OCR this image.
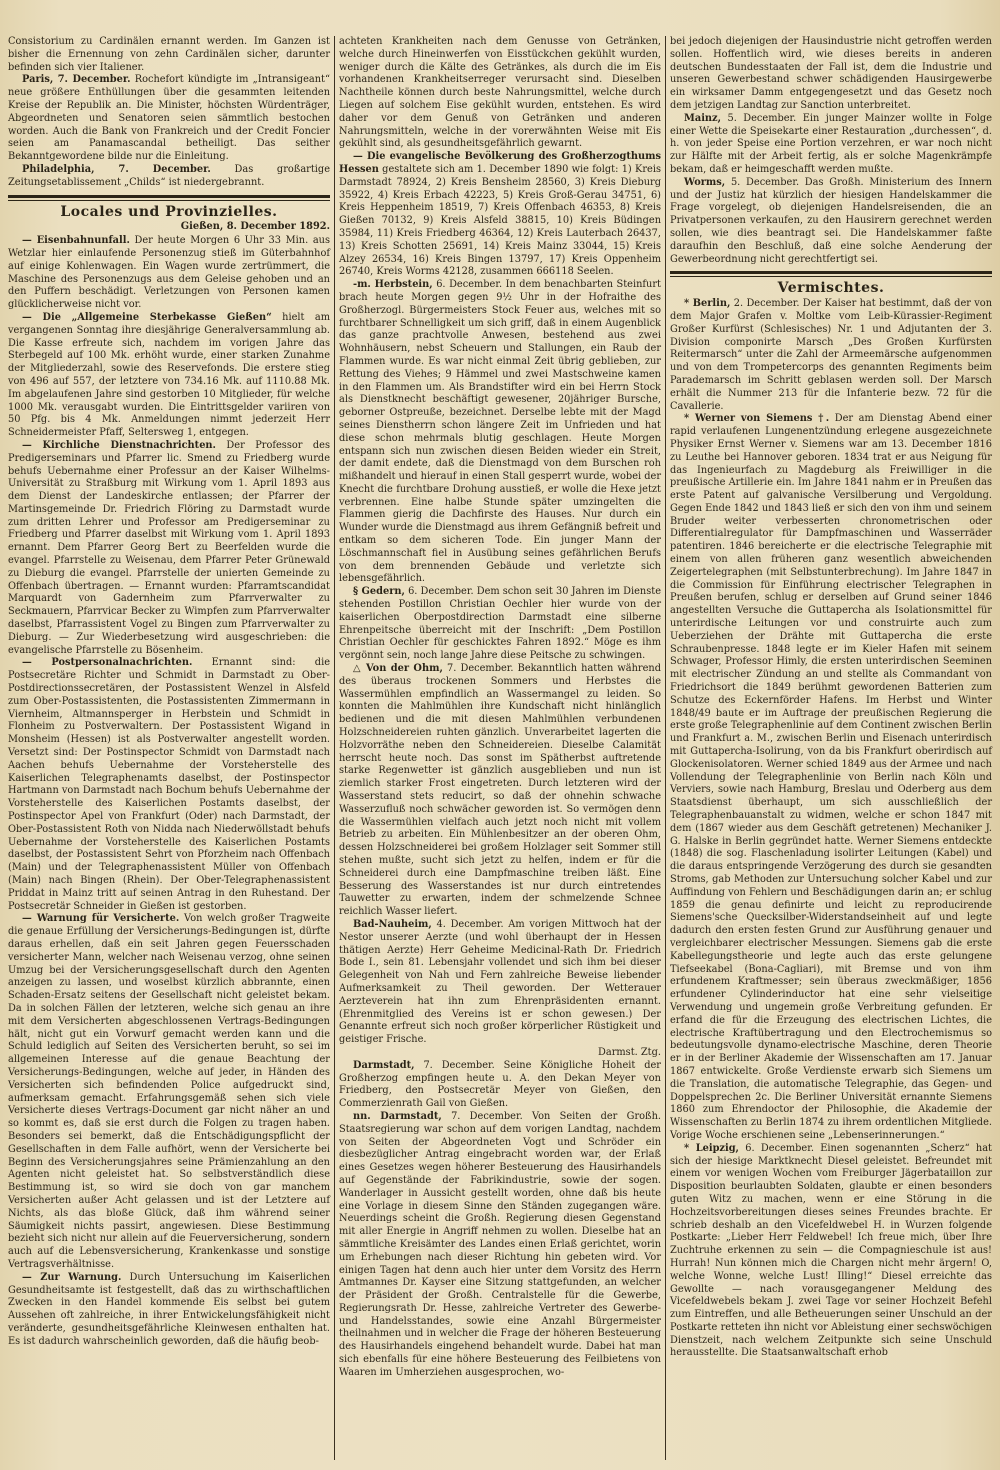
Consistorium zu Cardinälen ernannt werden. Im Ganzen ist bisher die Ernennung von zehn Cardinälen sicher, darunter befinden sich vier Italiener.

Paris, 7. December. Rochefort kündigte im „Intransigeant“ neue größere Enthüllungen über die gesammten leitenden Kreise der Republik an. Die Minister, höchsten Würdenträger, Abgeordneten und Senatoren seien sämmtlich bestochen worden. Auch die Bank von Frankreich und der Credit Foncier seien am Panamascandal betheiligt. Das seither Bekanntgewordene bilde nur die Einleitung.

Philadelphia, 7. December. Das großartige Zeitungsetablissement „Childs“ ist niedergebrannt.

Locales und Provinzielles.
Gießen, 8. December 1892.

— Eisenbahnunfall. Der heute Morgen 6 Uhr 33 Min. aus Wetzlar hier einlaufende Personenzug stieß im Güterbahnhof auf einige Kohlenwagen. Ein Wagen wurde zertrümmert, die Maschine des Personenzugs aus dem Geleise gehoben und an den Puffern beschädigt. Verletzungen von Personen kamen glücklicherweise nicht vor.

— Die „Allgemeine Sterbekasse Gießen“ hielt am vergangenen Sonntag ihre diesjährige Generalversammlung ab. Die Kasse erfreute sich, nachdem im vorigen Jahre das Sterbegeld auf 100 Mk. erhöht wurde, einer starken Zunahme der Mitgliederzahl, sowie des Reservefonds. Die erstere stieg von 496 auf 557, der letztere von 734.16 Mk. auf 1110.88 Mk. Im abgelaufenen Jahre sind gestorben 10 Mitglieder, für welche 1000 Mk. verausgabt wurden. Die Eintrittsgelder variiren von 50 Pfg. bis 4 Mk. Anmeldungen nimmt jederzeit Herr Schneidermeister Pfaff, Seltersweg 1, entgegen.

— Kirchliche Dienstnachrichten. Der Professor des Predigerseminars und Pfarrer lic. Smend zu Friedberg wurde behufs Uebernahme einer Professur an der Kaiser Wilhelms-Universität zu Straßburg mit Wirkung vom 1. April 1893 aus dem Dienst der Landeskirche entlassen; der Pfarrer der Martinsgemeinde Dr. Friedrich Flöring zu Darmstadt wurde zum dritten Lehrer und Professor am Predigerseminar zu Friedberg und Pfarrer daselbst mit Wirkung vom 1. April 1893 ernannt. Dem Pfarrer Georg Bert zu Beerfelden wurde die evangel. Pfarrstelle zu Weisenau, dem Pfarrer Peter Grünewald zu Dieburg die evangel. Pfarrstelle der unierten Gemeinde zu Offenbach übertragen. — Ernannt wurden: Pfarramtscandidat Marquardt von Gadernheim zum Pfarrverwalter zu Seckmauern, Pfarrvicar Becker zu Wimpfen zum Pfarrverwalter daselbst, Pfarrassistent Vogel zu Bingen zum Pfarrverwalter zu Dieburg. — Zur Wiederbesetzung wird ausgeschrieben: die evangelische Pfarrstelle zu Bösenheim.

— Postpersonalnachrichten. Ernannt sind: die Postsecretäre Richter und Schmidt in Darmstadt zu Ober-Postdirectionssecretären, der Postassistent Wenzel in Alsfeld zum Ober-Postassistenten, die Postassistenten Zimmermann in Viernheim, Altmannsperger in Herbstein und Schmidt in Flonheim zu Postverwaltern. Der Postassistent Wigand in Monsheim (Hessen) ist als Postverwalter angestellt worden. Versetzt sind: Der Postinspector Schmidt von Darmstadt nach Aachen behufs Uebernahme der Vorsteherstelle des Kaiserlichen Telegraphenamts daselbst, der Postinspector Hartmann von Darmstadt nach Bochum behufs Uebernahme der Vorsteherstelle des Kaiserlichen Postamts daselbst, der Postinspector Apel von Frankfurt (Oder) nach Darmstadt, der Ober-Postassistent Roth von Nidda nach Niederwöllstadt behufs Uebernahme der Vorsteherstelle des Kaiserlichen Postamts daselbst, der Postassistent Sehrt von Pforzheim nach Offenbach (Main) und der Telegraphenassistent Müller von Offenbach (Main) nach Bingen (Rhein). Der Ober-Telegraphenassistent Priddat in Mainz tritt auf seinen Antrag in den Ruhestand. Der Postsecretär Schneider in Gießen ist gestorben.

— Warnung für Versicherte. Von welch großer Tragweite die genaue Erfüllung der Versicherungs-Bedingungen ist, dürfte daraus erhellen, daß ein seit Jahren gegen Feuersschaden versicherter Mann, welcher nach Weisenau verzog, ohne seinen Umzug bei der Versicherungsgesellschaft durch den Agenten anzeigen zu lassen, und woselbst kürzlich abbrannte, einen Schaden-Ersatz seitens der Gesellschaft nicht geleistet bekam. Da in solchen Fällen der letzteren, welche sich genau an ihre mit dem Versicherten abgeschlossenen Vertrags-Bedingungen hält, nicht gut ein Vorwurf gemacht werden kann und die Schuld lediglich auf Seiten des Versicherten beruht, so sei im allgemeinen Interesse auf die genaue Beachtung der Versicherungs-Bedingungen, welche auf jeder, in Händen des Versicherten sich befindenden Police aufgedruckt sind, aufmerksam gemacht. Erfahrungsgemäß sehen sich viele Versicherte dieses Vertrags-Document gar nicht näher an und so kommt es, daß sie erst durch die Folgen zu tragen haben. Besonders sei bemerkt, daß die Entschädigungspflicht der Gesellschaften in dem Falle aufhört, wenn der Versicherte bei Beginn des Versicherungsjahres seine Prämienzahlung an den Agenten nicht geleistet hat. So selbstverständlich diese Bestimmung ist, so wird sie doch von gar manchem Versicherten außer Acht gelassen und ist der Letztere auf Nichts, als das bloße Glück, daß ihm während seiner Säumigkeit nichts passirt, angewiesen. Diese Bestimmung bezieht sich nicht nur allein auf die Feuerversicherung, sondern auch auf die Lebensversicherung, Krankenkasse und sonstige Vertragsverhältnisse.

— Zur Warnung. Durch Untersuchung im Kaiserlichen Gesundheitsamte ist festgestellt, daß das zu wirthschaftlichen Zwecken in den Handel kommende Eis selbst bei gutem Aussehen oft zahlreiche, in ihrer Entwickelungsfähigkeit nicht veränderte, gesundheitsgefährliche Kleinwesen enthalten hat. Es ist dadurch wahrscheinlich geworden, daß die häufig beob-

achteten Krankheiten nach dem Genusse von Getränken, welche durch Hineinwerfen von Eisstückchen gekühlt wurden, weniger durch die Kälte des Getränkes, als durch die im Eis vorhandenen Krankheitserreger verursacht sind. Dieselben Nachtheile können durch beste Nahrungsmittel, welche durch Liegen auf solchem Eise gekühlt wurden, entstehen. Es wird daher vor dem Genuß von Getränken und anderen Nahrungsmitteln, welche in der vorerwähnten Weise mit Eis gekühlt sind, als gesundheitsgefährlich gewarnt.

— Die evangelische Bevölkerung des Großherzogthums Hessen gestaltete sich am 1. December 1890 wie folgt: 1) Kreis Darmstadt 78924, 2) Kreis Bensheim 28560, 3) Kreis Dieburg 35922, 4) Kreis Erbach 42223, 5) Kreis Groß-Gerau 34751, 6) Kreis Heppenheim 18519, 7) Kreis Offenbach 46353, 8) Kreis Gießen 70132, 9) Kreis Alsfeld 38815, 10) Kreis Büdingen 35984, 11) Kreis Friedberg 46364, 12) Kreis Lauterbach 26437, 13) Kreis Schotten 25691, 14) Kreis Mainz 33044, 15) Kreis Alzey 26534, 16) Kreis Bingen 13797, 17) Kreis Oppenheim 26740, Kreis Worms 42128, zusammen 666118 Seelen.

-m. Herbstein, 6. December. In dem benachbarten Steinfurt brach heute Morgen gegen 9½ Uhr in der Hofraithe des Großherzogl. Bürgermeisters Stock Feuer aus, welches mit so furchtbarer Schnelligkeit um sich griff, daß in einem Augenblick das ganze prachtvolle Anwesen, bestehend aus zwei Wohnhäusern, nebst Scheuern und Stallungen, ein Raub der Flammen wurde. Es war nicht einmal Zeit übrig geblieben, zur Rettung des Viehes; 9 Hämmel und zwei Mastschweine kamen in den Flammen um. Als Brandstifter wird ein bei Herrn Stock als Dienstknecht beschäftigt gewesener, 20jähriger Bursche, geborner Ostpreuße, bezeichnet. Derselbe lebte mit der Magd seines Dienstherrn schon längere Zeit im Unfrieden und hat diese schon mehrmals blutig geschlagen. Heute Morgen entspann sich nun zwischen diesen Beiden wieder ein Streit, der damit endete, daß die Dienstmagd von dem Burschen roh mißhandelt und hierauf in einen Stall gesperrt wurde, wobei der Knecht die furchtbare Drohung ausstieß, er wolle die Hexe jetzt verbrennen. Eine halbe Stunde später umzingelten die Flammen gierig die Dachfirste des Hauses. Nur durch ein Wunder wurde die Dienstmagd aus ihrem Gefängniß befreit und entkam so dem sicheren Tode. Ein junger Mann der Löschmannschaft fiel in Ausübung seines gefährlichen Berufs von dem brennenden Gebäude und verletzte sich lebensgefährlich.

§ Gedern, 6. December. Dem schon seit 30 Jahren im Dienste stehenden Postillon Christian Oechler hier wurde von der kaiserlichen Oberpostdirection Darmstadt eine silberne Ehrenpeitsche überreicht mit der Inschrift: „Dem Postillon Christian Oechler für geschicktes Fahren 1892.“ Möge es ihm vergönnt sein, noch lange Jahre diese Peitsche zu schwingen.

△ Von der Ohm, 7. December. Bekanntlich hatten während des überaus trockenen Sommers und Herbstes die Wassermühlen empfindlich an Wassermangel zu leiden. So konnten die Mahlmühlen ihre Kundschaft nicht hinlänglich bedienen und die mit diesen Mahlmühlen verbundenen Holzschneidereien ruhten gänzlich. Unverarbeitet lagerten die Holzvorräthe neben den Schneidereien. Dieselbe Calamität herrscht heute noch. Das sonst im Spätherbst auftretende starke Regenwetter ist gänzlich ausgeblieben und nun ist ziemlich starker Frost eingetreten. Durch letzteren wird der Wasserstand stets reducirt, so daß der ohnehin schwache Wasserzufluß noch schwächer geworden ist. So vermögen denn die Wassermühlen vielfach auch jetzt noch nicht mit vollem Betrieb zu arbeiten. Ein Mühlenbesitzer an der oberen Ohm, dessen Holzschneiderei bei großem Holzlager seit Sommer still stehen mußte, sucht sich jetzt zu helfen, indem er für die Schneiderei durch eine Dampfmaschine treiben läßt. Eine Besserung des Wasserstandes ist nur durch eintretendes Tauwetter zu erwarten, indem der schmelzende Schnee reichlich Wasser liefert.

Bad-Nauheim, 4. December. Am vorigen Mittwoch hat der Nestor unserer Aerzte (und wohl überhaupt der in Hessen thätigen Aerzte) Herr Geheime Medicinal-Rath Dr. Friedrich Bode I., sein 81. Lebensjahr vollendet und sich ihm bei dieser Gelegenheit von Nah und Fern zahlreiche Beweise liebender Aufmerksamkeit zu Theil geworden. Der Wetterauer Aerzteverein hat ihn zum Ehrenpräsidenten ernannt. (Ehrenmitglied des Vereins ist er schon gewesen.) Der Genannte erfreut sich noch großer körperlicher Rüstigkeit und geistiger Frische.

Darmst. Ztg.

Darmstadt, 7. December. Seine Königliche Hoheit der Großherzog empfingen heute u. A. den Dekan Meyer von Friedberg, den Postsecretär Meyer von Gießen, den Commerzienrath Gail von Gießen.

nn. Darmstadt, 7. December. Von Seiten der Großh. Staatsregierung war schon auf dem vorigen Landtag, nachdem von Seiten der Abgeordneten Vogt und Schröder ein diesbezüglicher Antrag eingebracht worden war, der Erlaß eines Gesetzes wegen höherer Besteuerung des Hausirhandels auf Gegenstände der Fabrikindustrie, sowie der sogen. Wanderlager in Aussicht gestellt worden, ohne daß bis heute eine Vorlage in diesem Sinne den Ständen zugegangen wäre. Neuerdings scheint die Großh. Regierung diesen Gegenstand mit aller Energie in Angriff nehmen zu wollen. Dieselbe hat an sämmtliche Kreisämter des Landes einen Erlaß gerichtet, worin um Erhebungen nach dieser Richtung hin gebeten wird. Vor einigen Tagen hat denn auch hier unter dem Vorsitz des Herrn Amtmannes Dr. Kayser eine Sitzung stattgefunden, an welcher der Präsident der Großh. Centralstelle für die Gewerbe, Regierungsrath Dr. Hesse, zahlreiche Vertreter des Gewerbe- und Handelsstandes, sowie eine Anzahl Bürgermeister theilnahmen und in welcher die Frage der höheren Besteuerung des Hausirhandels eingehend behandelt wurde. Dabei hat man sich ebenfalls für eine höhere Besteuerung des Feilbietens von Waaren im Umherziehen ausgesprochen, wo-

bei jedoch diejenigen der Hausindustrie nicht getroffen werden sollen. Hoffentlich wird, wie dieses bereits in anderen deutschen Bundesstaaten der Fall ist, dem die Industrie und unseren Gewerbestand schwer schädigenden Hausirgewerbe ein wirksamer Damm entgegengesetzt und das Gesetz noch dem jetzigen Landtag zur Sanction unterbreitet.

Mainz, 5. December. Ein junger Mainzer wollte in Folge einer Wette die Speisekarte einer Restauration „durchessen“, d. h. von jeder Speise eine Portion verzehren, er war noch nicht zur Hälfte mit der Arbeit fertig, als er solche Magenkrämpfe bekam, daß er heimgeschafft werden mußte.

Worms, 5. December. Das Großh. Ministerium des Innern und der Justiz hat kürzlich der hiesigen Handelskammer die Frage vorgelegt, ob diejenigen Handelsreisenden, die an Privatpersonen verkaufen, zu den Hausirern gerechnet werden sollen, wie dies beantragt sei. Die Handelskammer faßte daraufhin den Beschluß, daß eine solche Aenderung der Gewerbeordnung nicht gerechtfertigt sei.

Vermischtes.

* Berlin, 2. December. Der Kaiser hat bestimmt, daß der von dem Major Grafen v. Moltke vom Leib-Kürassier-Regiment Großer Kurfürst (Schlesisches) Nr. 1 und Adjutanten der 3. Division componirte Marsch „Des Großen Kurfürsten Reitermarsch“ unter die Zahl der Armeemärsche aufgenommen und von dem Trompetercorps des genannten Regiments beim Parademarsch im Schritt geblasen werden soll. Der Marsch erhält die Nummer 213 für die Infanterie bezw. 72 für die Cavallerie.

* Werner von Siemens †. Der am Dienstag Abend einer rapid verlaufenen Lungenentzündung erlegene ausgezeichnete Physiker Ernst Werner v. Siemens war am 13. December 1816 zu Leuthe bei Hannover geboren. 1834 trat er aus Neigung für das Ingenieurfach zu Magdeburg als Freiwilliger in die preußische Artillerie ein. Im Jahre 1841 nahm er in Preußen das erste Patent auf galvanische Versilberung und Vergoldung. Gegen Ende 1842 und 1843 ließ er sich den von ihm und seinem Bruder weiter verbesserten chronometrischen oder Differentialregulator für Dampfmaschinen und Wasserräder patentiren. 1846 bereicherte er die electrische Telegraphie mit einem von allen früheren ganz wesentlich abweichenden Zeigertelegraphen (mit Selbstunterbrechung). Im Jahre 1847 in die Commission für Einführung electrischer Telegraphen in Preußen berufen, schlug er derselben auf Grund seiner 1846 angestellten Versuche die Guttapercha als Isolationsmittel für unterirdische Leitungen vor und construirte auch zum Ueberziehen der Drähte mit Guttapercha die erste Schraubenpresse. 1848 legte er im Kieler Hafen mit seinem Schwager, Professor Himly, die ersten unterirdischen Seeminen mit electrischer Zündung an und stellte als Commandant von Friedrichsort die 1849 berühmt gewordenen Batterien zum Schutze des Eckernförder Hafens. Im Herbst und Winter 1848/49 baute er im Auftrage der preußischen Regierung die erste große Telegraphenlinie auf dem Continent zwischen Berlin und Frankfurt a. M., zwischen Berlin und Eisenach unterirdisch mit Guttapercha-Isolirung, von da bis Frankfurt oberirdisch auf Glockenisolatoren. Werner schied 1849 aus der Armee und nach Vollendung der Telegraphenlinie von Berlin nach Köln und Verviers, sowie nach Hamburg, Breslau und Oderberg aus dem Staatsdienst überhaupt, um sich ausschließlich der Telegraphenbauanstalt zu widmen, welche er schon 1847 mit dem (1867 wieder aus dem Geschäft getretenen) Mechaniker J. G. Halske in Berlin gegründet hatte. Werner Siemens entdeckte (1848) die sog. Flaschenladung isolirter Leitungen (Kabel) und die daraus entspringende Verzögerung des durch sie gesandten Stroms, gab Methoden zur Untersuchung solcher Kabel und zur Auffindung von Fehlern und Beschädigungen darin an; er schlug 1859 die genau definirte und leicht zu reproducirende Siemens'sche Quecksilber-Widerstandseinheit auf und legte dadurch den ersten festen Grund zur Ausführung genauer und vergleichbarer electrischer Messungen. Siemens gab die erste Kabellegungstheorie und legte auch das erste gelungene Tiefseekabel (Bona-Cagliari), mit Bremse und von ihm erfundenem Kraftmesser; sein überaus zweckmäßiger, 1856 erfundener Cylinderinductor hat eine sehr vielseitige Verwendung und ungemein große Verbreitung gefunden. Er erfand die für die Erzeugung des electrischen Lichtes, die electrische Kraftübertragung und den Electrochemismus so bedeutungsvolle dynamo-electrische Maschine, deren Theorie er in der Berliner Akademie der Wissenschaften am 17. Januar 1867 entwickelte. Große Verdienste erwarb sich Siemens um die Translation, die automatische Telegraphie, das Gegen- und Doppelsprechen 2c. Die Berliner Universität ernannte Siemens 1860 zum Ehrendoctor der Philosophie, die Akademie der Wissenschaften zu Berlin 1874 zu ihrem ordentlichen Mitgliede. Vorige Woche erschienen seine „Lebenserinnerungen.“

* Leipzig, 6. December. Einen sogenannten „Scherz“ hat sich der hiesige Marktknecht Diesel geleistet. Befreundet mit einem vor wenigen Wochen vom Freiburger Jägerbataillon zur Disposition beurlaubten Soldaten, glaubte er einen besonders guten Witz zu machen, wenn er eine Störung in die Hochzeitsvorbereitungen dieses seines Freundes brachte. Er schrieb deshalb an den Vicefeldwebel H. in Wurzen folgende Postkarte: „Lieber Herr Feldwebel! Ich freue mich, über Ihre Zuchtruhe erkennen zu sein — die Compagnieschule ist aus! Hurrah! Nun können mich die Chargen nicht mehr ärgern! O, welche Wonne, welche Lust! Illing!“ Diesel erreichte das Gewollte — nach vorausgegangener Meldung des Vicefeldwebels bekam J. zwei Tage vor seiner Hochzeit Befehl zum Eintreffen, und alle Betheuerungen seiner Unschuld an der Postkarte retteten ihn nicht vor Ableistung einer sechswöchigen Dienstzeit, nach welchem Zeitpunkte sich seine Unschuld herausstellte. Die Staatsanwaltschaft erhob
